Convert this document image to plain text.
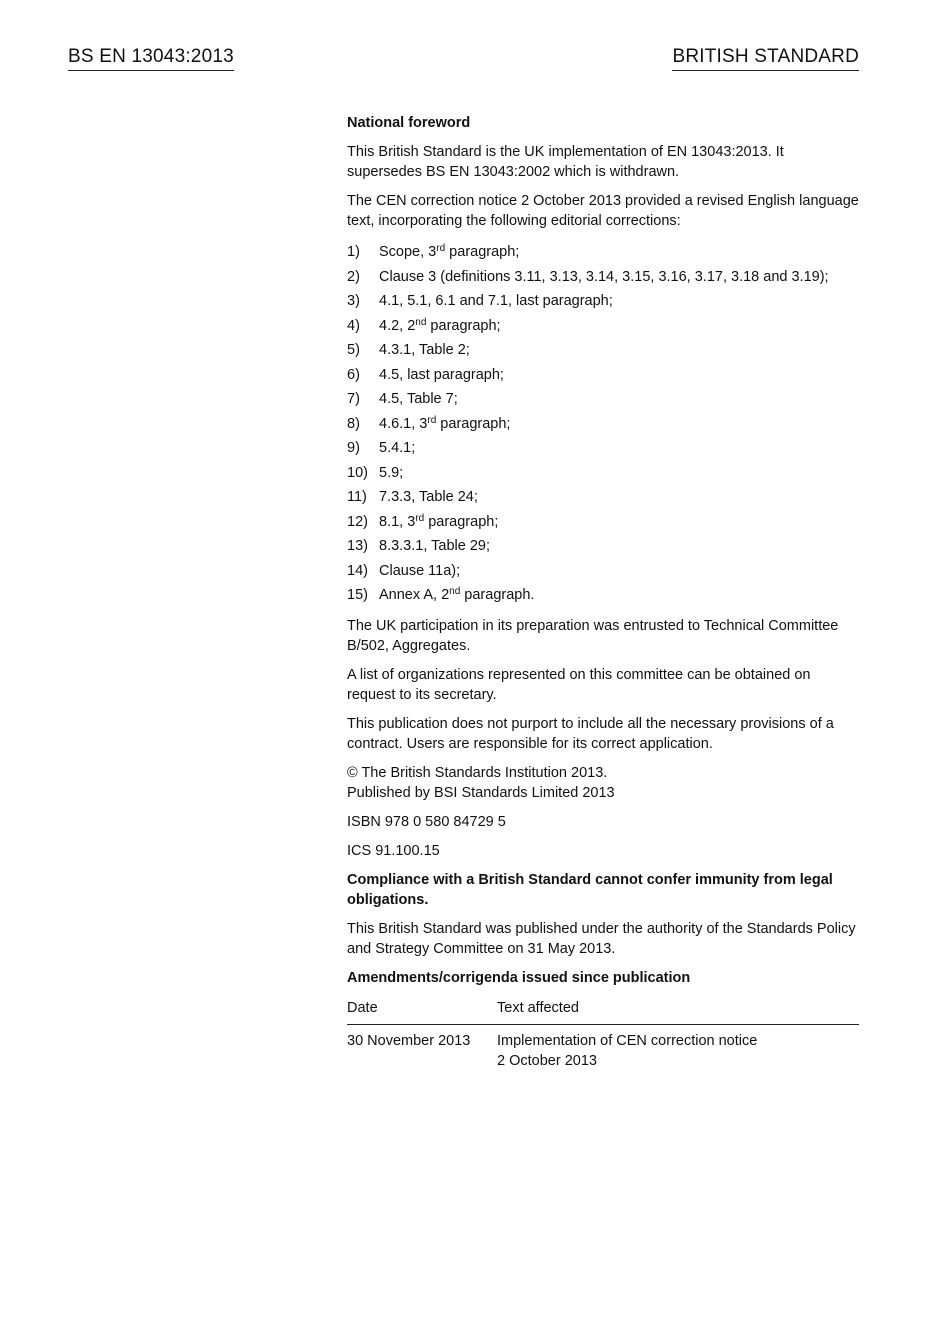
BS EN 13043:2013	BRITISH STANDARD
National foreword
This British Standard is the UK implementation of EN 13043:2013. It supersedes BS EN 13043:2002 which is withdrawn.
The CEN correction notice 2 October 2013 provided a revised English language text, incorporating the following editorial corrections:
1)	Scope, 3rd paragraph;
2)	Clause 3 (definitions 3.11, 3.13, 3.14, 3.15, 3.16, 3.17, 3.18 and 3.19);
3)	4.1, 5.1, 6.1 and 7.1, last paragraph;
4)	4.2, 2nd paragraph;
5)	4.3.1, Table 2;
6)	4.5, last paragraph;
7)	4.5, Table 7;
8)	4.6.1, 3rd paragraph;
9)	5.4.1;
10) 5.9;
11) 7.3.3, Table 24;
12) 8.1, 3rd paragraph;
13) 8.3.3.1, Table 29;
14) Clause 11a);
15) Annex A, 2nd paragraph.
The UK participation in its preparation was entrusted to Technical Committee B/502, Aggregates.
A list of organizations represented on this committee can be obtained on request to its secretary.
This publication does not purport to include all the necessary provisions of a contract. Users are responsible for its correct application.
© The British Standards Institution 2013.
Published by BSI Standards Limited 2013
ISBN 978 0 580 84729 5
ICS 91.100.15
Compliance with a British Standard cannot confer immunity from legal obligations.
This British Standard was published under the authority of the Standards Policy and Strategy Committee on 31 May 2013.
Amendments/corrigenda issued since publication
Date	Text affected
30 November 2013	Implementation of CEN correction notice
2 October 2013
